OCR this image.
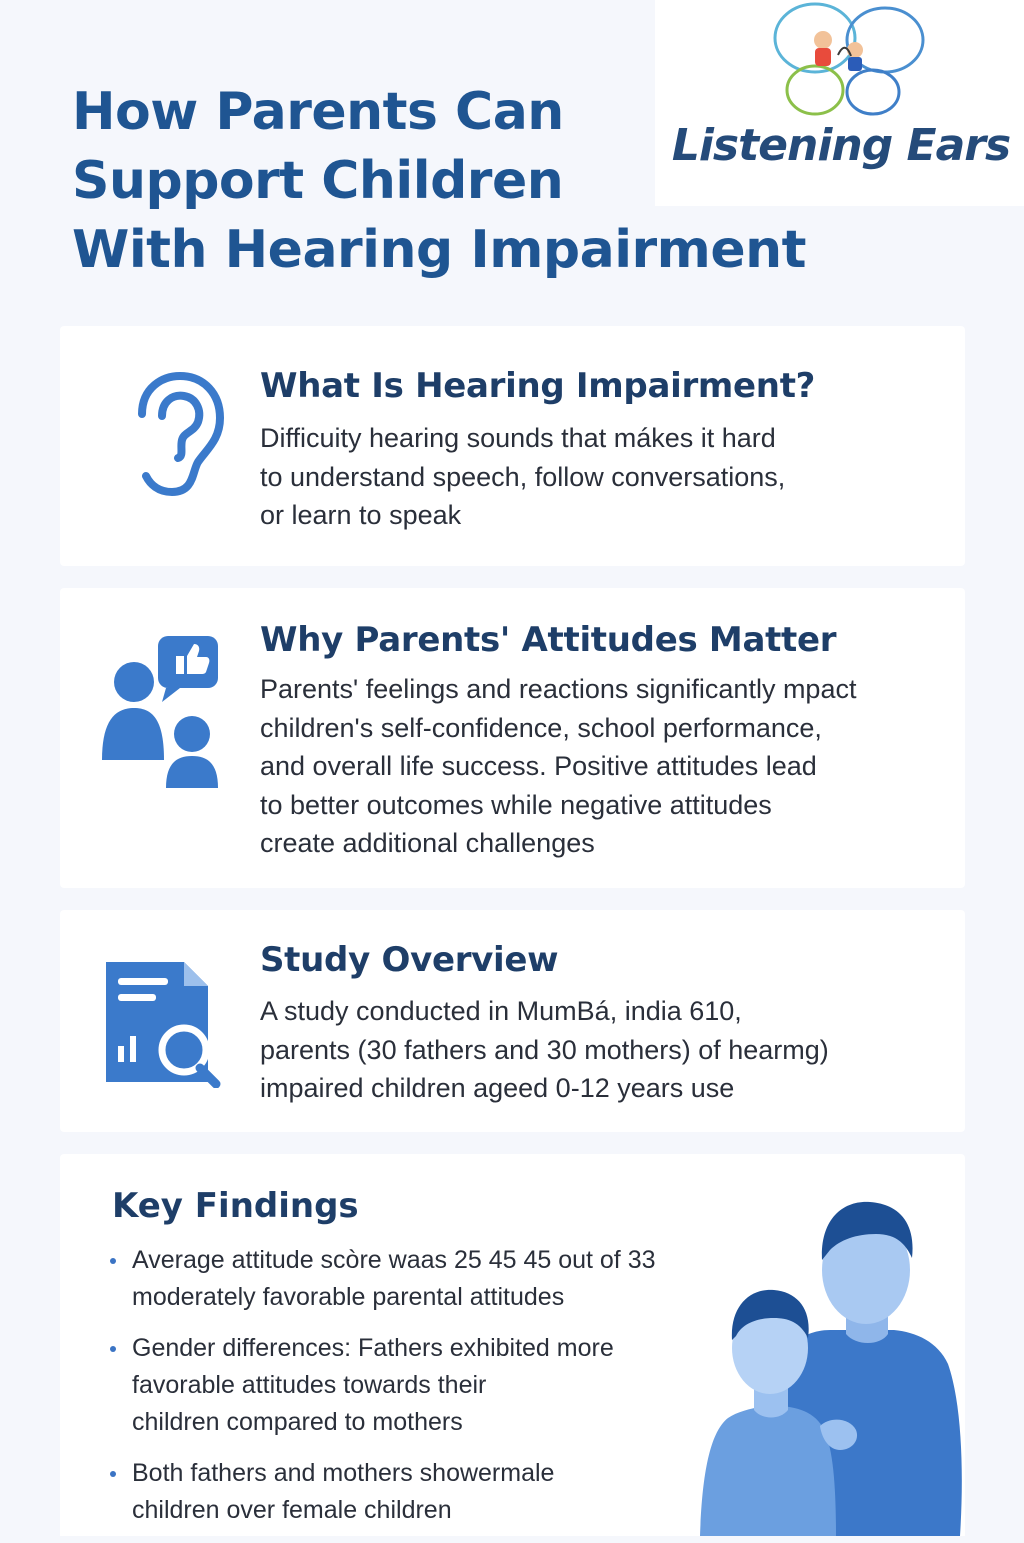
How Parents Can
Support Children
With Hearing Impairment
Listening Ears
What Is Hearing Impairment?
Difficuity hearing sounds that mákes it hard
to understand speech, follow conversations,
or learn to speak
Why Parents' Attitudes Matter
Parents' feelings and reactions significantly mpact
children's self-confidence, school performance,
and overall life success. Positive attitudes lead
to better outcomes while negative attitudes
create additional challenges
Study Overview
A study conducted in MumBá, india 610,
parents (30 fathers and 30 mothers) of hearmg)
impaired children ageed 0-12 years use
Key Findings
Average attitude scòre waas 25 45 45 out of 33
moderately favorable parental attitudes
Gender differences: Fathers exhibited more
favorable attitudes towards their
children compared to mothers
Both fathers and mothers showermale
children over female children
